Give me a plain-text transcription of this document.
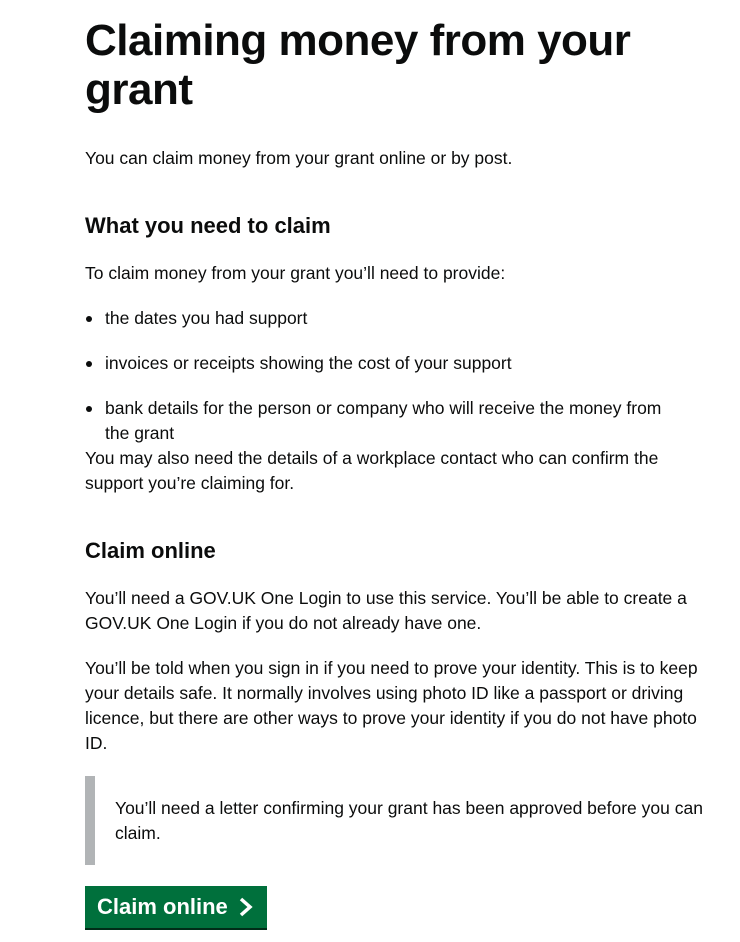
Claiming money from your grant

You can claim money from your grant online or by post.

What you need to claim

To claim money from your grant you’ll need to provide:

the dates you had support
invoices or receipts showing the cost of your support
bank details for the person or company who will receive the money from the grant

You may also need the details of a workplace contact who can confirm the support you’re claiming for.

Claim online

You’ll need a GOV.UK One Login to use this service. You’ll be able to create a GOV.UK One Login if you do not already have one.

You’ll be told when you sign in if you need to prove your identity. This is to keep your details safe. It normally involves using photo ID like a passport or driving licence, but there are other ways to prove your identity if you do not have photo ID.

You’ll need a letter confirming your grant has been approved before you can claim.

Claim online
